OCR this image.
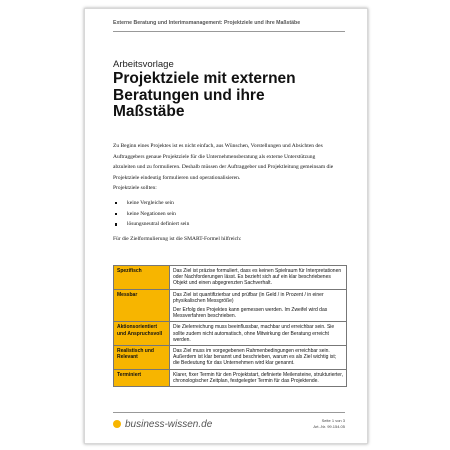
Externe Beratung und Interimsmanagement: Projektziele und ihre Maßstäbe
Arbeitsvorlage
Projektziele mit externen Beratungen und ihre Maßstäbe

Zu Beginn eines Projektes ist es nicht einfach, aus Wünschen, Vorstellungen und Absichten des Auftraggebers genaue Projektziele für die Unternehmensberatung als externe Unterstützung abzuleiten und zu formulieren. Deshalb müssen der Auftraggeber und Projektleitung gemeinsam die Projektziele eindeutig formulieren und operationalisieren.

Projektziele sollten:

keine Vergleiche sein
keine Negationen sein
lösungsneutral definiert sein

Für die Zielformulierung ist die SMART-Formel hilfreich:

Spezifisch	Das Ziel ist präzise formuliert, dass es keinen Spielraum für Interpretationen oder Nachforderungen lässt. Es bezieht sich auf ein klar beschriebenes Objekt und einen abgegrenzten Sachverhalt.

Messbar	Das Ziel ist quantifizierbar und prüfbar (in Geld / in Prozent / in einer physikalischen Messgröße)

Der Erfolg des Projektes kann gemessen werden. Im Zweifel wird das Messverfahren beschrieben.

Aktionsorientiert und Anspruchsvoll	Die Zielerreichung muss beeinflussbar, machbar und erreichbar sein. Sie sollte zudem nicht automatisch, ohne Mitwirkung der Beratung erreicht werden.

Realistisch und Relevant	Das Ziel muss im vorgegebenen Rahmenbedingungen erreichbar sein. Außerdem ist klar benannt und beschrieben, warum es als Ziel wichtig ist; die Bedeutung für das Unternehmen wird klar genannt.

Terminiert	Klarer, fixer Termin für den Projektstart, definierte Meilensteine, strukturierter, chronologischer Zeitplan, festgelegter Termin für das Projektende.

business-wissen.de	Seite 1 von 3
Art.-Nr. 99.154.05
